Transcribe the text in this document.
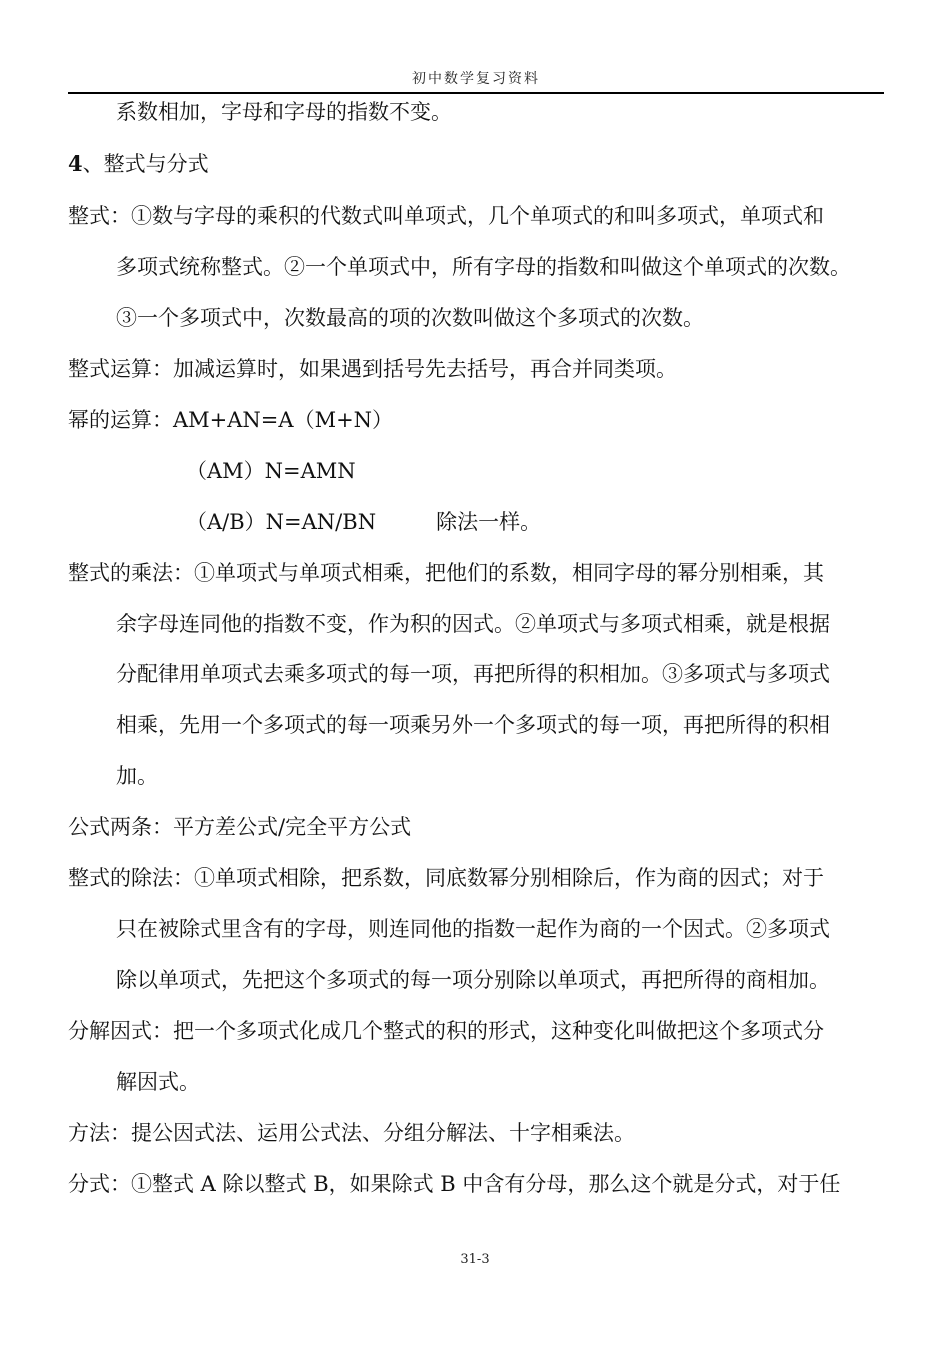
初中数学复习资料
系数相加，字母和字母的指数不变。
4、整式与分式
整式：①数与字母的乘积的代数式叫单项式，几个单项式的和叫多项式，单项式和
多项式统称整式。②一个单项式中，所有字母的指数和叫做这个单项式的次数。
③一个多项式中，次数最高的项的次数叫做这个多项式的次数。
整式运算：加减运算时，如果遇到括号先去括号，再合并同类项。
幂的运算：AM+AN=A（M+N）
（AM）N=AMN
（A/B）N=AN/BN	除法一样。
整式的乘法：①单项式与单项式相乘，把他们的系数，相同字母的幂分别相乘，其
余字母连同他的指数不变，作为积的因式。②单项式与多项式相乘，就是根据
分配律用单项式去乘多项式的每一项，再把所得的积相加。③多项式与多项式
相乘，先用一个多项式的每一项乘另外一个多项式的每一项，再把所得的积相
加。
公式两条：平方差公式/完全平方公式
整式的除法：①单项式相除，把系数，同底数幂分别相除后，作为商的因式；对于
只在被除式里含有的字母，则连同他的指数一起作为商的一个因式。②多项式
除以单项式，先把这个多项式的每一项分别除以单项式，再把所得的商相加。
分解因式：把一个多项式化成几个整式的积的形式，这种变化叫做把这个多项式分
解因式。
方法：提公因式法、运用公式法、分组分解法、十字相乘法。
分式：①整式 A 除以整式 B，如果除式 B 中含有分母，那么这个就是分式，对于任
31-3
